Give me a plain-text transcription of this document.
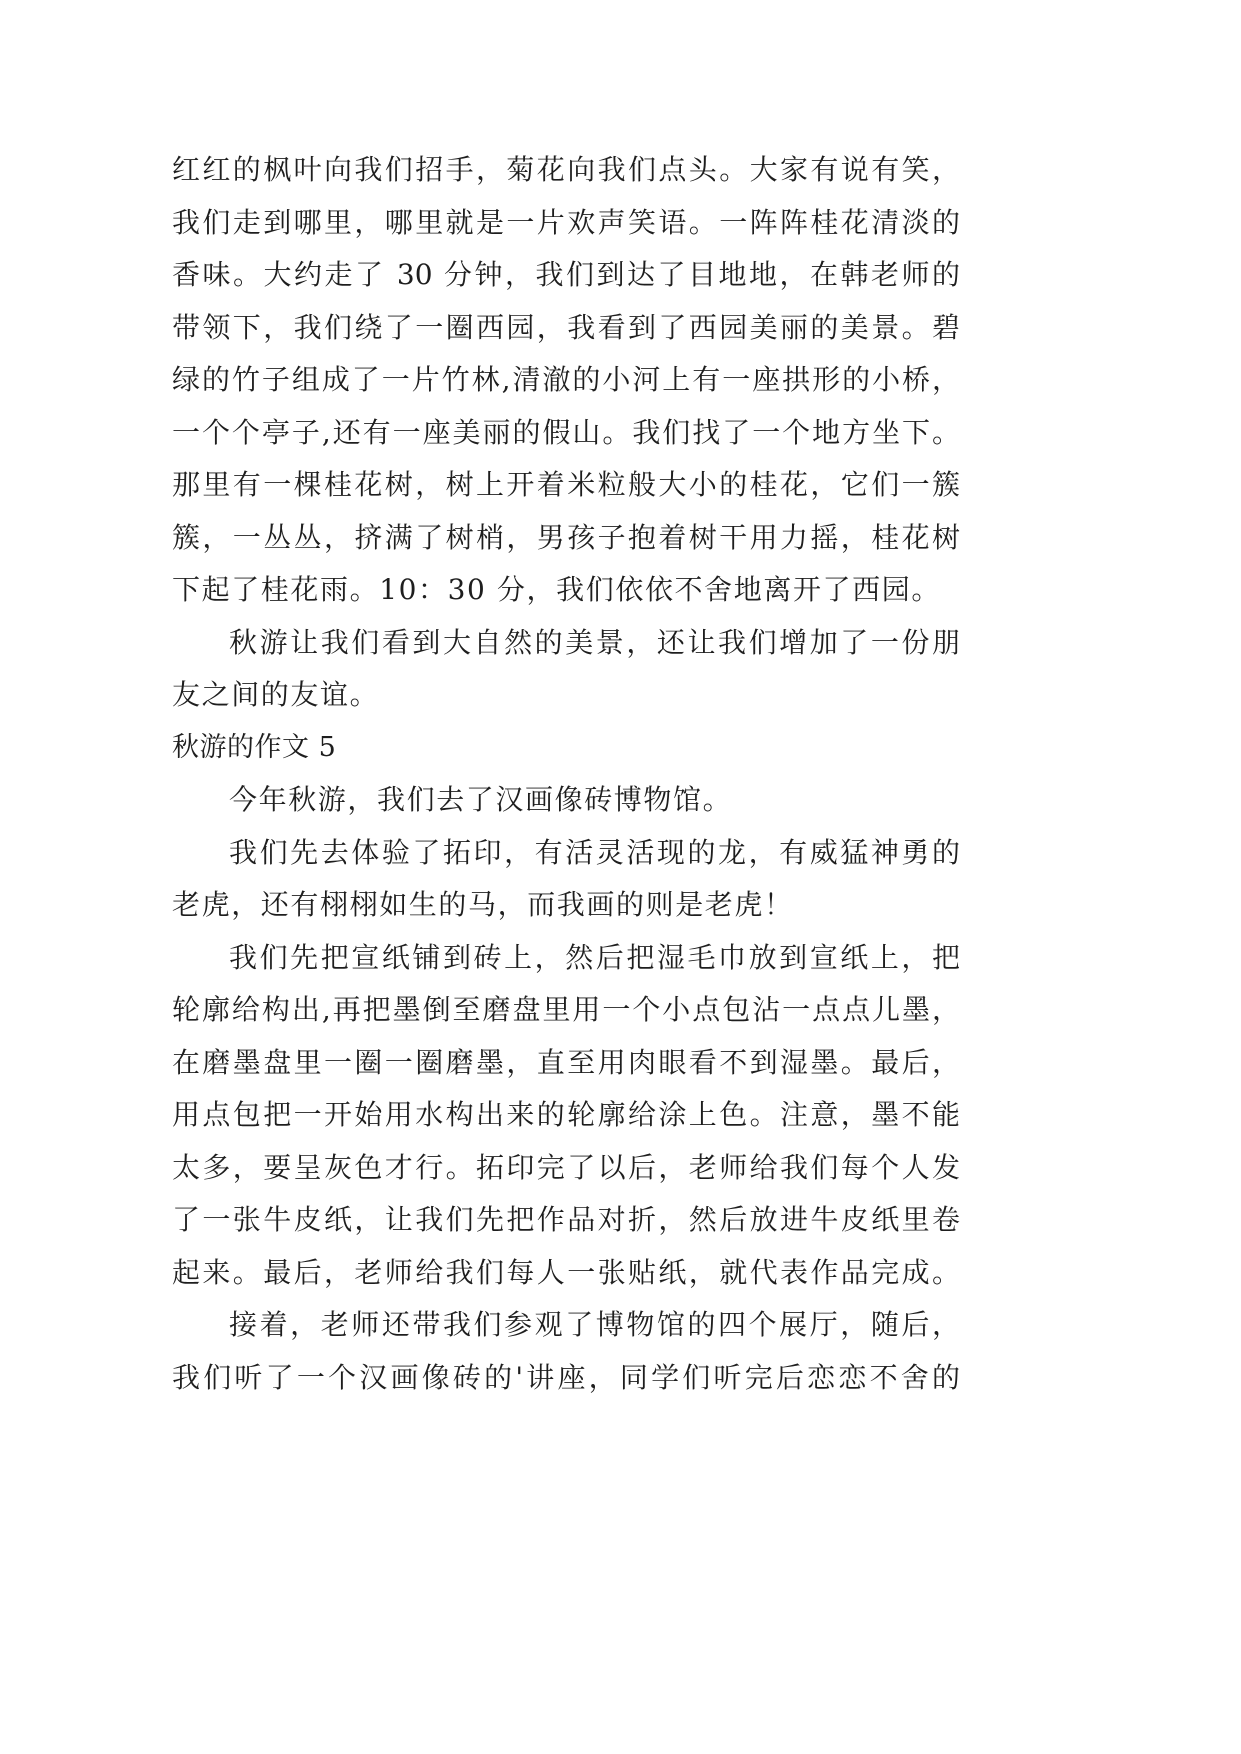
红红的枫叶向我们招手，菊花向我们点头。大家有说有笑，
我们走到哪里，哪里就是一片欢声笑语。一阵阵桂花清淡的
香味。大约走了 30 分钟，我们到达了目地地，在韩老师的
带领下，我们绕了一圈西园，我看到了西园美丽的美景。碧
绿的竹子组成了一片竹林,清澈的小河上有一座拱形的小桥，
一个个亭子,还有一座美丽的假山。我们找了一个地方坐下。
那里有一棵桂花树，树上开着米粒般大小的桂花，它们一簇
簇，一丛丛，挤满了树梢，男孩子抱着树干用力摇，桂花树
下起了桂花雨。10：30 分，我们依依不舍地离开了西园。
秋游让我们看到大自然的美景，还让我们增加了一份朋
友之间的友谊。
秋游的作文 5
今年秋游，我们去了汉画像砖博物馆。
我们先去体验了拓印，有活灵活现的龙，有威猛神勇的
老虎，还有栩栩如生的马，而我画的则是老虎！
我们先把宣纸铺到砖上，然后把湿毛巾放到宣纸上，把
轮廓给构出,再把墨倒至磨盘里用一个小点包沾一点点儿墨，
在磨墨盘里一圈一圈磨墨，直至用肉眼看不到湿墨。最后，
用点包把一开始用水构出来的轮廓给涂上色。注意，墨不能
太多，要呈灰色才行。拓印完了以后，老师给我们每个人发
了一张牛皮纸，让我们先把作品对折，然后放进牛皮纸里卷
起来。最后，老师给我们每人一张贴纸，就代表作品完成。
接着，老师还带我们参观了博物馆的四个展厅，随后，
我们听了一个汉画像砖的'讲座，同学们听完后恋恋不舍的
